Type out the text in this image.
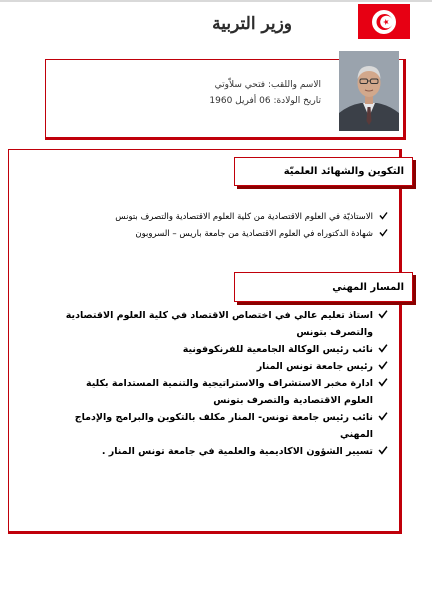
وزير التربية
الاسم واللقب: فتحي سلاّوتي
تاريخ الولادة: 06 أفريل 1960
التكوين والشهائد العلميّة
الاستاذيّة في العلوم الاقتصادية من كلية العلوم الاقتصادية والتصرف بتونس
شهادة الدكتوراه في العلوم الاقتصادية من جامعة باريس – السروبون
المسار المهني
استاذ تعليم عالي في اختصاص الاقتصاد في كلية العلوم الاقتصادية والتصرف بتونس
نائب رئيس الوكالة الجامعية للفرنكوفونية
رئيس جامعة تونس المنار
ادارة مخبر الاستشراف والاستراتيجية والتنمية المستدامة بكلية العلوم الاقتصادية والتصرف بتونس
نائب رئيس جامعة تونس- المنار مكلف بالتكوين والبرامج والإدماج المهني
تسيير الشؤون الاكاديمية والعلمية في جامعة تونس المنار .
